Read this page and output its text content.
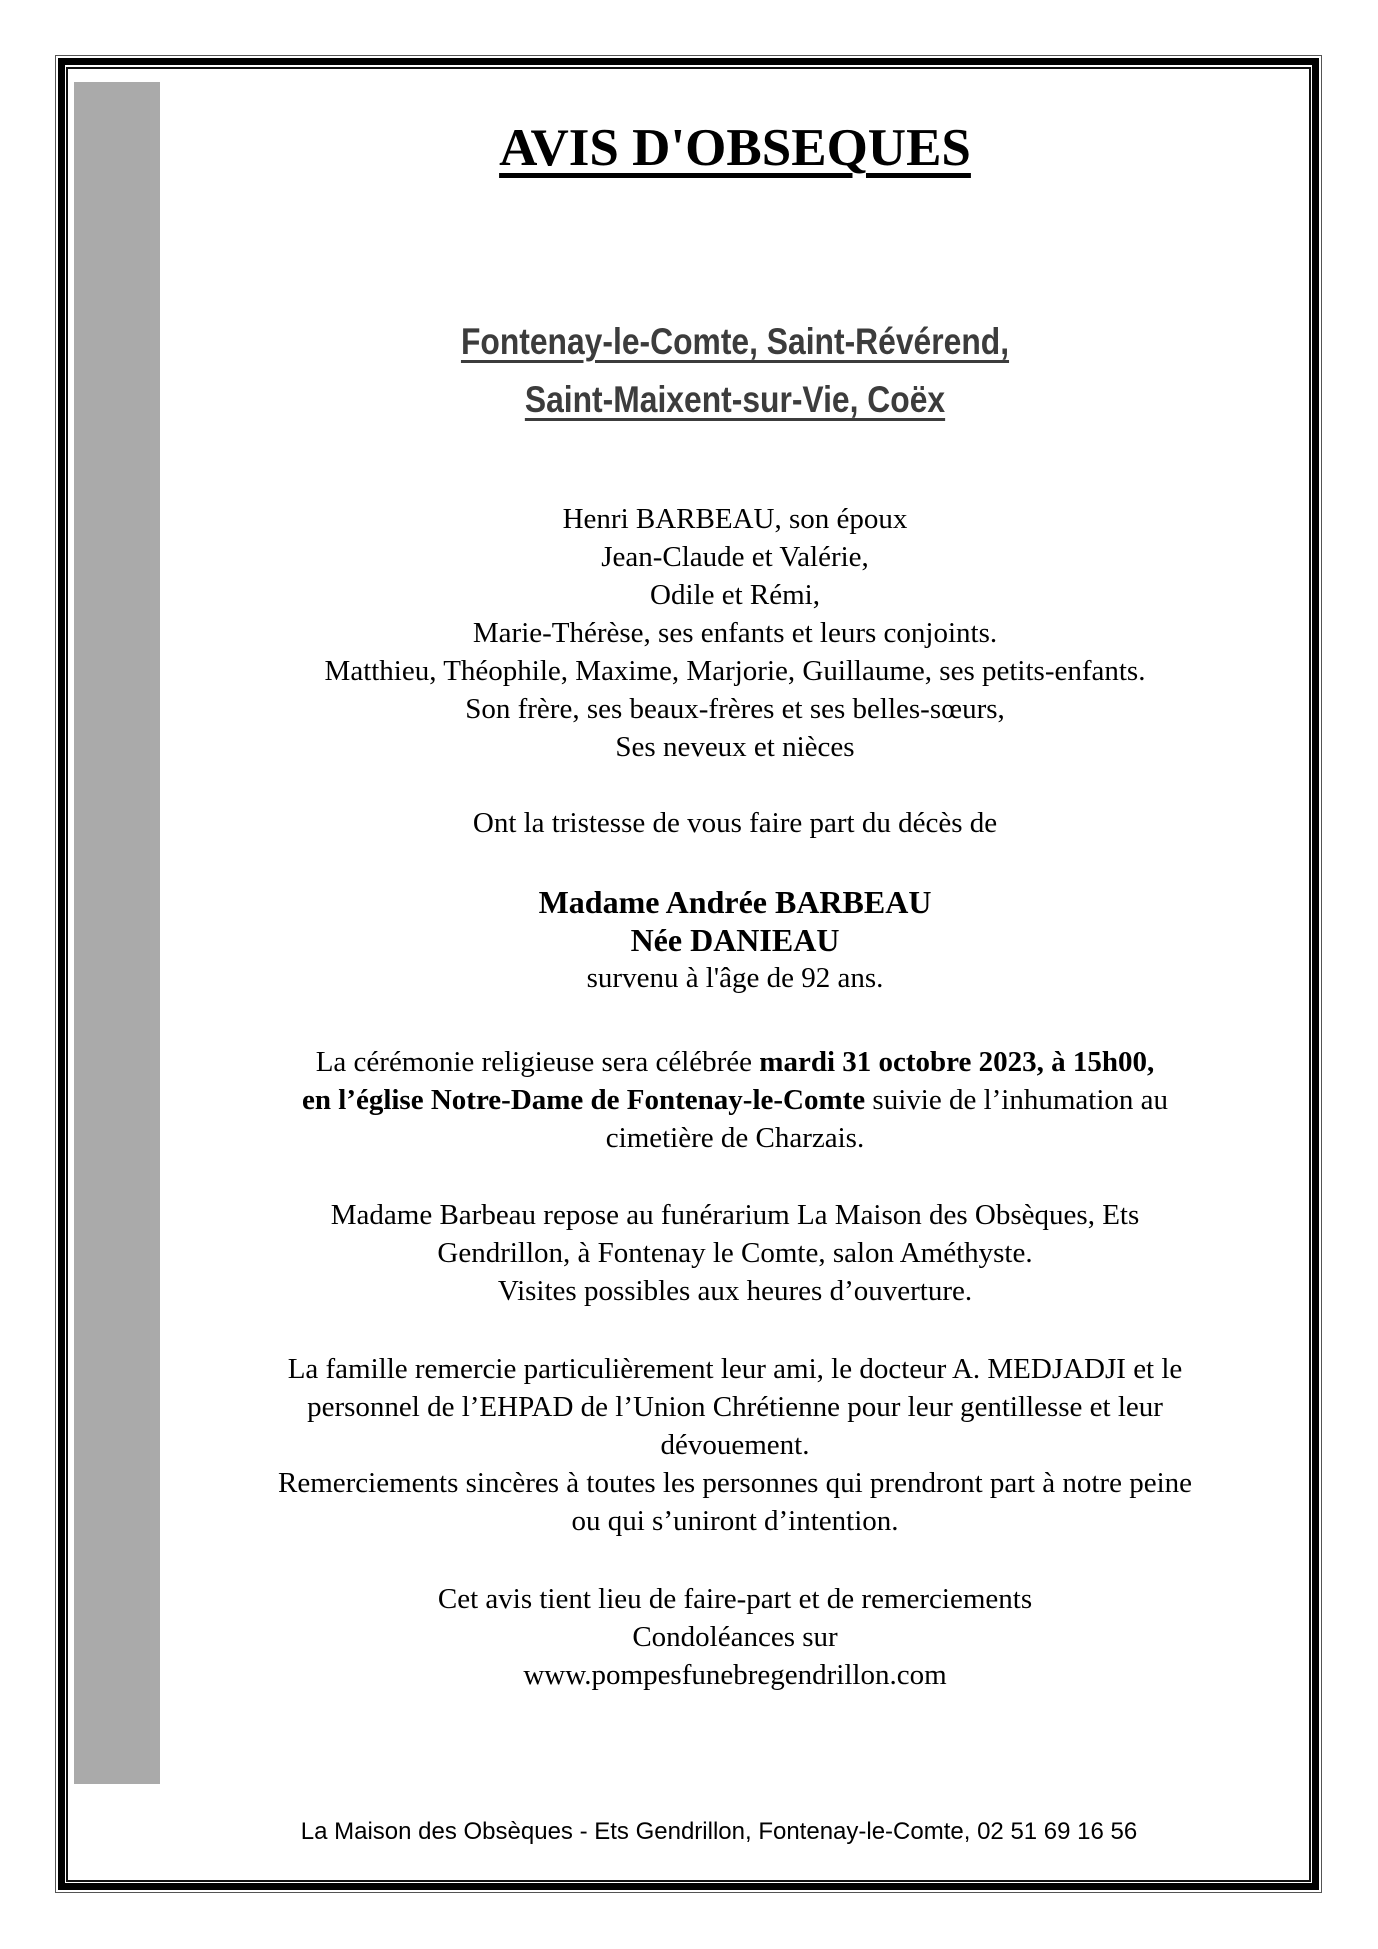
AVIS D'OBSEQUES
Fontenay-le-Comte, Saint-Révérend,
Saint-Maixent-sur-Vie, Coëx
Henri BARBEAU, son époux
Jean-Claude et Valérie,
Odile et Rémi,
Marie-Thérèse, ses enfants et leurs conjoints.
Matthieu, Théophile, Maxime, Marjorie, Guillaume, ses petits-enfants.
Son frère, ses beaux-frères et ses belles-sœurs,
Ses neveux et nièces
Ont la tristesse de vous faire part du décès de
Madame Andrée BARBEAU
Née DANIEAU
survenu à l'âge de 92 ans.
La cérémonie religieuse sera célébrée mardi 31 octobre 2023, à 15h00,
en l’église Notre-Dame de Fontenay-le-Comte suivie de l’inhumation au
cimetière de Charzais.
Madame Barbeau repose au funérarium La Maison des Obsèques, Ets
Gendrillon, à Fontenay le Comte, salon Améthyste.
Visites possibles aux heures d’ouverture.
La famille remercie particulièrement leur ami, le docteur A. MEDJADJI et le
personnel de l’EHPAD de l’Union Chrétienne pour leur gentillesse et leur
dévouement.
Remerciements sincères à toutes les personnes qui prendront part à notre peine
ou qui s’uniront d’intention.
Cet avis tient lieu de faire-part et de remerciements
Condoléances sur
www.pompesfunebregendrillon.com
La Maison des Obsèques - Ets Gendrillon, Fontenay-le-Comte, 02 51 69 16 56
